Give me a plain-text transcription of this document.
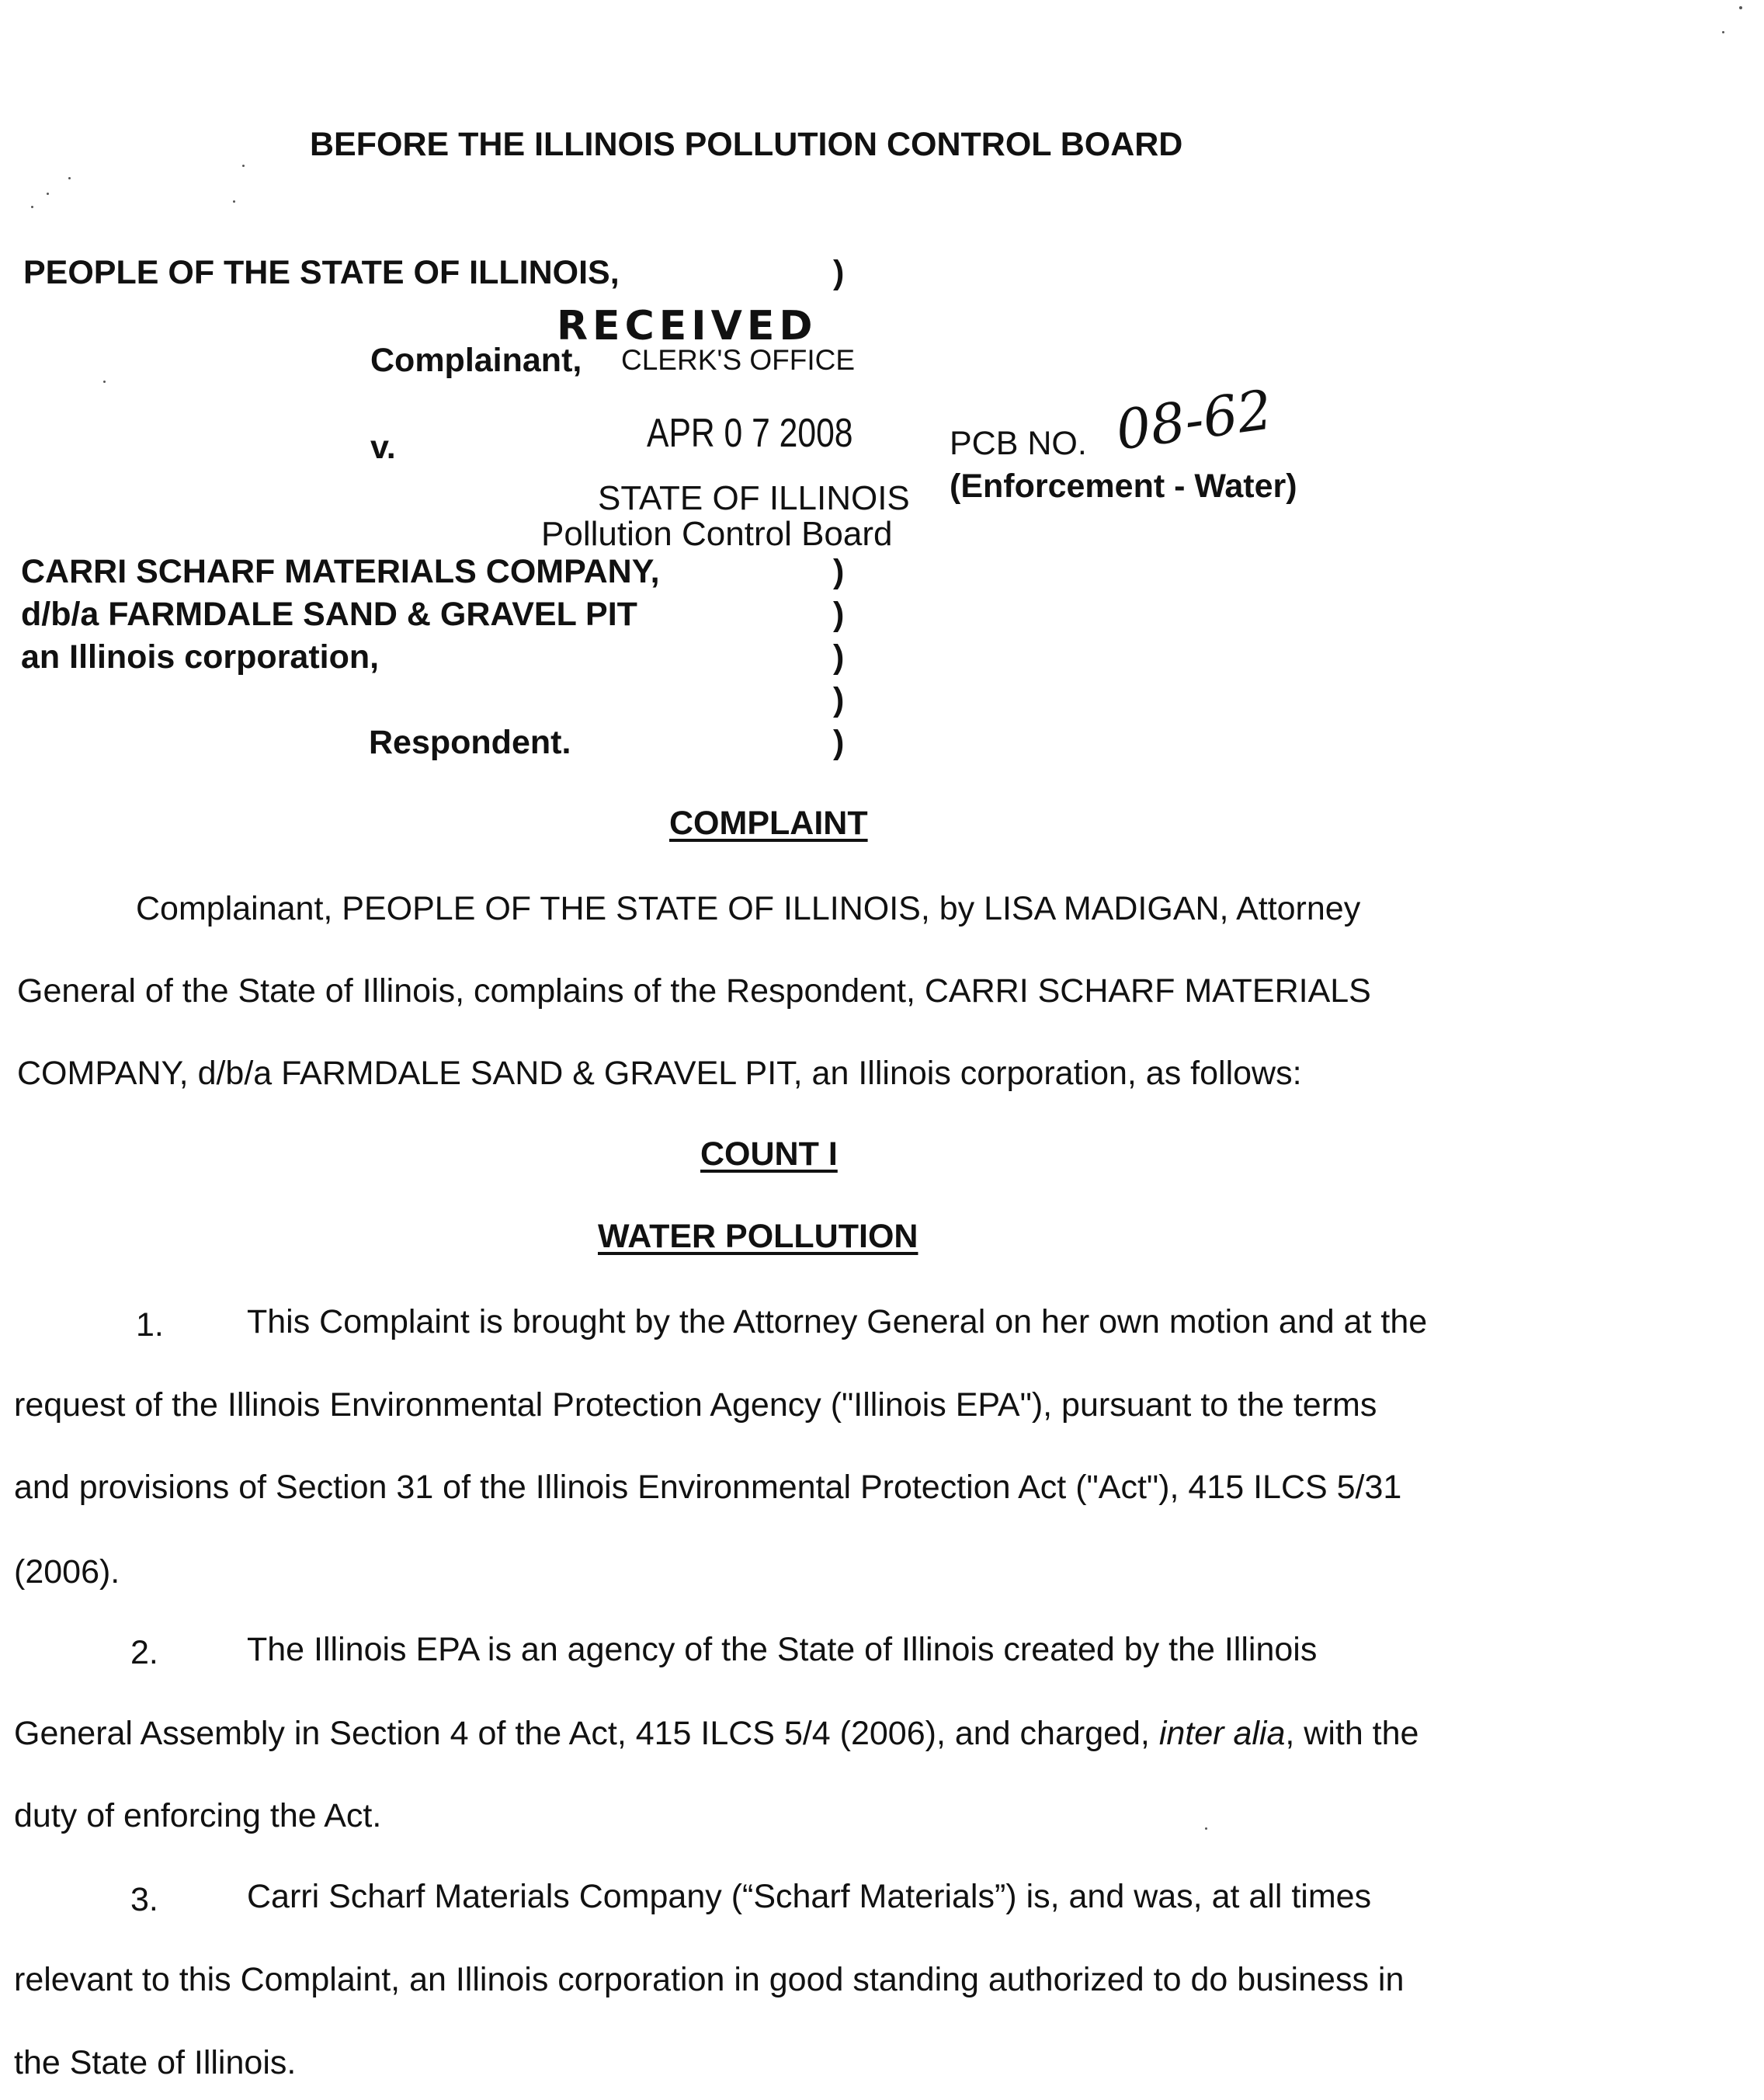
BEFORE THE ILLINOIS POLLUTION CONTROL BOARD
PEOPLE OF THE STATE OF ILLINOIS,	)
RECEIVED
Complainant, CLERK'S OFFICE
v.	APR 0 7 2008	PCB NO. 08-62
STATE OF ILLINOIS (Enforcement - Water)
Pollution Control Board
CARRI SCHARF MATERIALS COMPANY,	)
d/b/a FARMDALE SAND & GRAVEL PIT	)
an Illinois corporation,	)
)
Respondent.	)
COMPLAINT
Complainant, PEOPLE OF THE STATE OF ILLINOIS, by LISA MADIGAN, Attorney
General of the State of Illinois, complains of the Respondent, CARRI SCHARF MATERIALS
COMPANY, d/b/a FARMDALE SAND & GRAVEL PIT, an Illinois corporation, as follows:
COUNT I
WATER POLLUTION
1. This Complaint is brought by the Attorney General on her own motion and at the
request of the Illinois Environmental Protection Agency ("Illinois EPA"), pursuant to the terms
and provisions of Section 31 of the Illinois Environmental Protection Act ("Act"), 415 ILCS 5/31
(2006).
2.	The Illinois EPA is an agency of the State of Illinois created by the Illinois
General Assembly in Section 4 of the Act, 415 ILCS 5/4 (2006), and charged, inter alia, with the
duty of enforcing the Act.
3.	Carri Scharf Materials Company (“Scharf Materials”) is, and was, at all times
relevant to this Complaint, an Illinois corporation in good standing authorized to do business in
the State of Illinois.
